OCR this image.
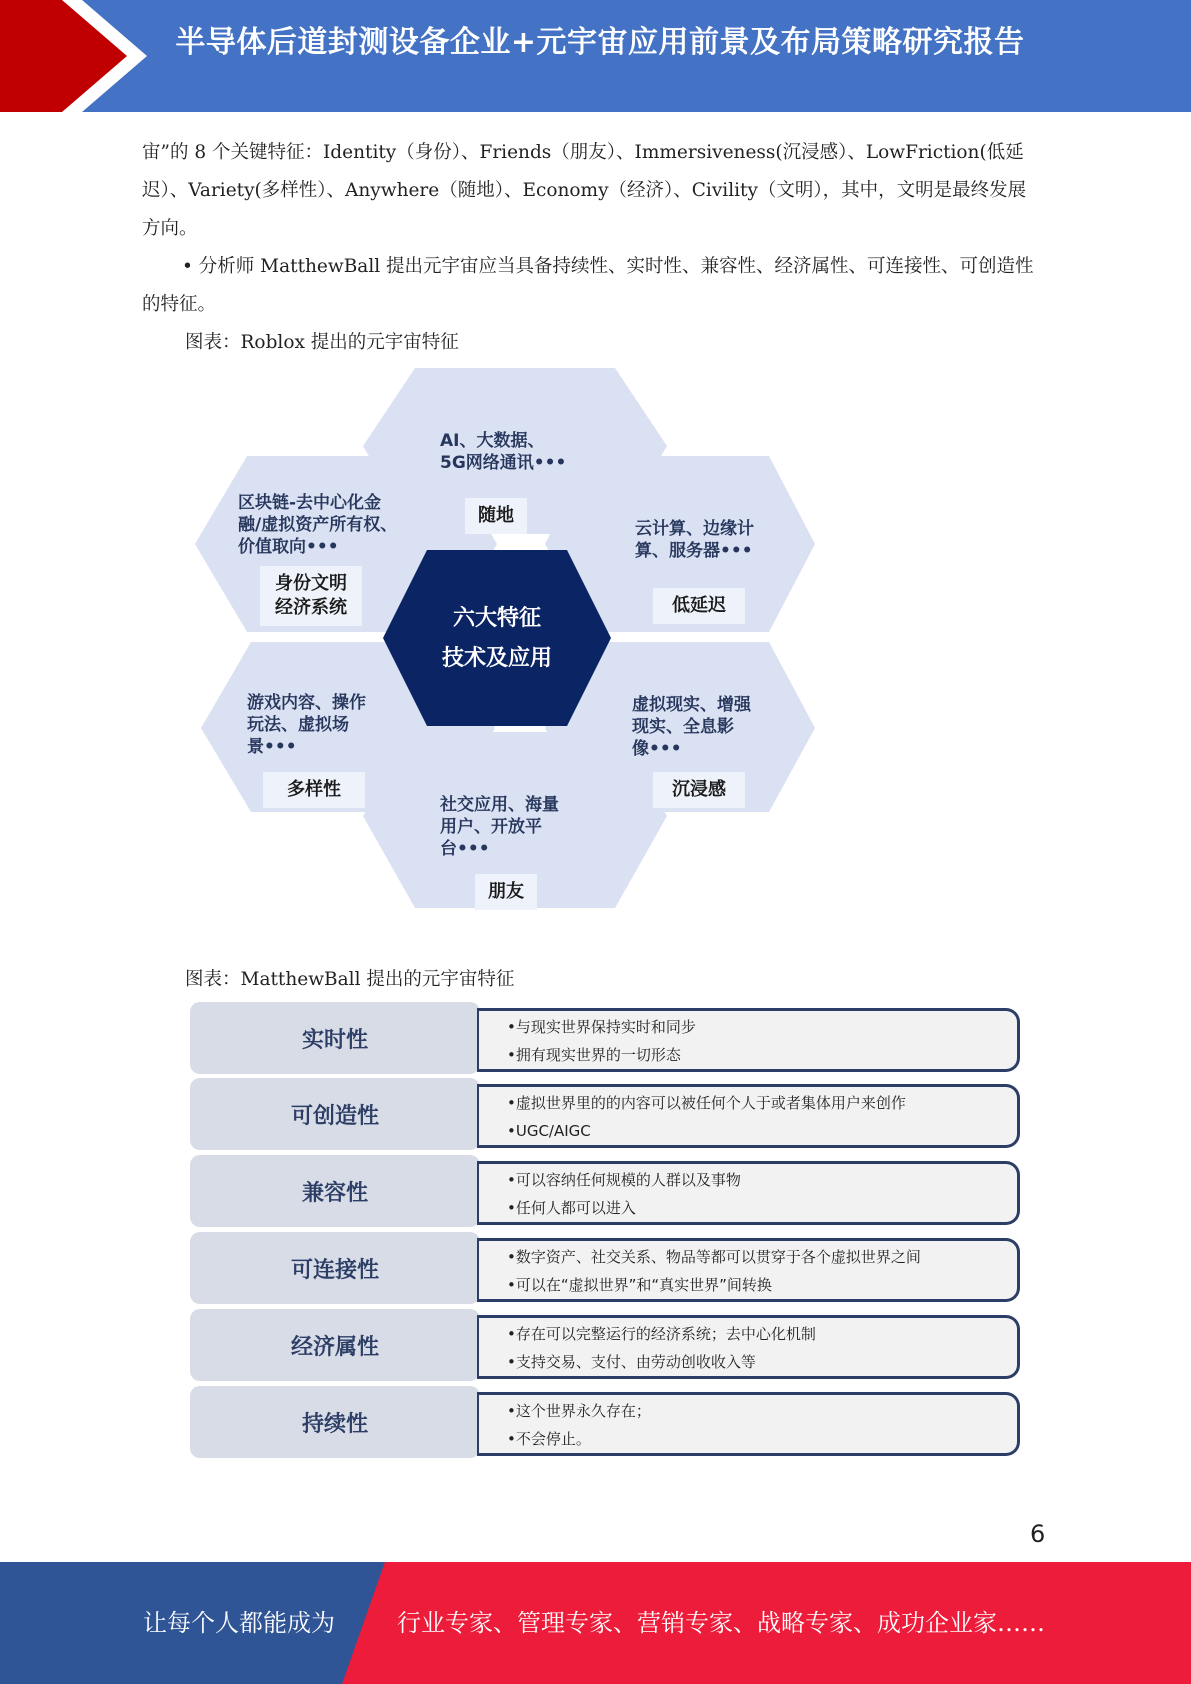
半导体后道封测设备企业+元宇宙应用前景及布局策略研究报告
宙”的 8 个关键特征：Identity（身份）、Friends（朋友）、Immersiveness(沉浸感）、LowFriction(低延迟）、Variety(多样性）、Anywhere（随地）、Economy（经济）、Civility（文明），其中，文明是最终发展方向。
• 分析师 MatthewBall 提出元宇宙应当具备持续性、实时性、兼容性、经济属性、可连接性、可创造性的特征。
图表：Roblox 提出的元宇宙特征
六大特征
技术及应用
AI、大数据、
5G网络通讯•••
随地
区块链-去中心化金
融/虚拟资产所有权、
价值取向•••
身份文明
经济系统
云计算、边缘计
算、服务器•••
低延迟
游戏内容、操作
玩法、虚拟场
景•••
多样性
虚拟现实、增强
现实、全息影
像•••
沉浸感
社交应用、海量
用户、开放平
台•••
朋友
图表：MatthewBall 提出的元宇宙特征
实时性
•与现实世界保持实时和同步
•拥有现实世界的一切形态
可创造性
•虚拟世界里的的内容可以被任何个人于或者集体用户来创作
•UGC/AIGC
兼容性
•可以容纳任何规模的人群以及事物
•任何人都可以进入
可连接性
•数字资产、社交关系、物品等都可以贯穿于各个虚拟世界之间
•可以在“虚拟世界”和“真实世界”间转换
经济属性
•存在可以完整运行的经济系统；去中心化机制
•支持交易、支付、由劳动创收收入等
持续性
•这个世界永久存在；
•不会停止。
6
让每个人都能成为	行业专家、管理专家、营销专家、战略专家、成功企业家……
